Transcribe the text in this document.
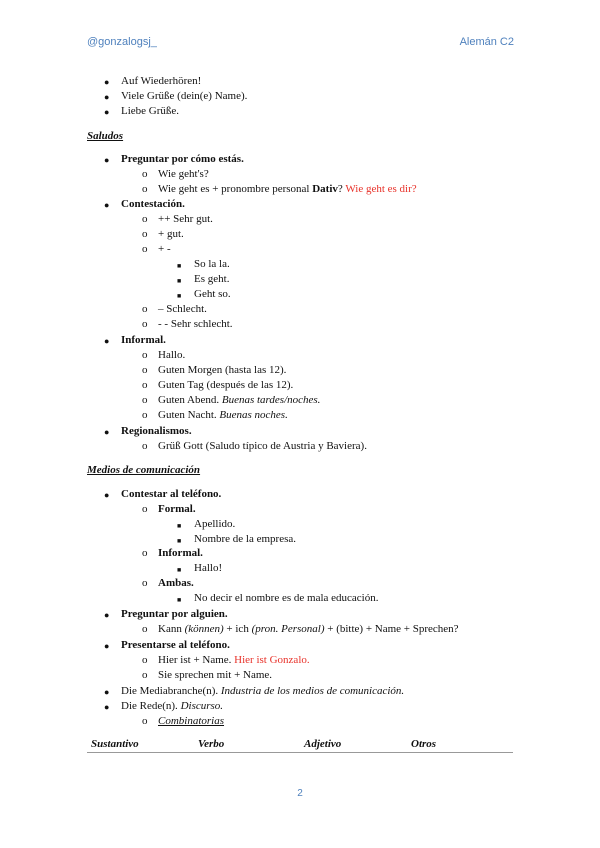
@gonzalogsj_	Alemán C2
● Auf Wiederhören!
● Viele Grüße (dein(e) Name).
● Liebe Grüße.
Saludos
● Preguntar por cómo estás.
o Wie geht's?
o Wie geht es + pronombre personal Dativ? Wie geht es dir?
● Contestación.
o ++ Sehr gut.
o + gut.
o + -
■ So la la.
■ Es geht.
■ Geht so.
o – Schlecht.
o - - Sehr schlecht.
● Informal.
o Hallo.
o Guten Morgen (hasta las 12).
o Guten Tag (después de las 12).
o Guten Abend. Buenas tardes/noches.
o Guten Nacht. Buenas noches.
● Regionalismos.
o Grüß Gott (Saludo típico de Austria y Baviera).
Medios de comunicación
● Contestar al teléfono.
o Formal.
■ Apellido.
■ Nombre de la empresa.
o Informal.
■ Hallo!
o Ambas.
■ No decir el nombre es de mala educación.
● Preguntar por alguien.
o Kann (können) + ich (pron. Personal) + (bitte) + Name + Sprechen?
● Presentarse al teléfono.
o Hier ist + Name. Hier ist Gonzalo.
o Sie sprechen mit + Name.
● Die Mediabranche(n). Industria de los medios de comunicación.
● Die Rede(n). Discurso.
o Combinatorias
Sustantivo	Verbo	Adjetivo	Otros
2
